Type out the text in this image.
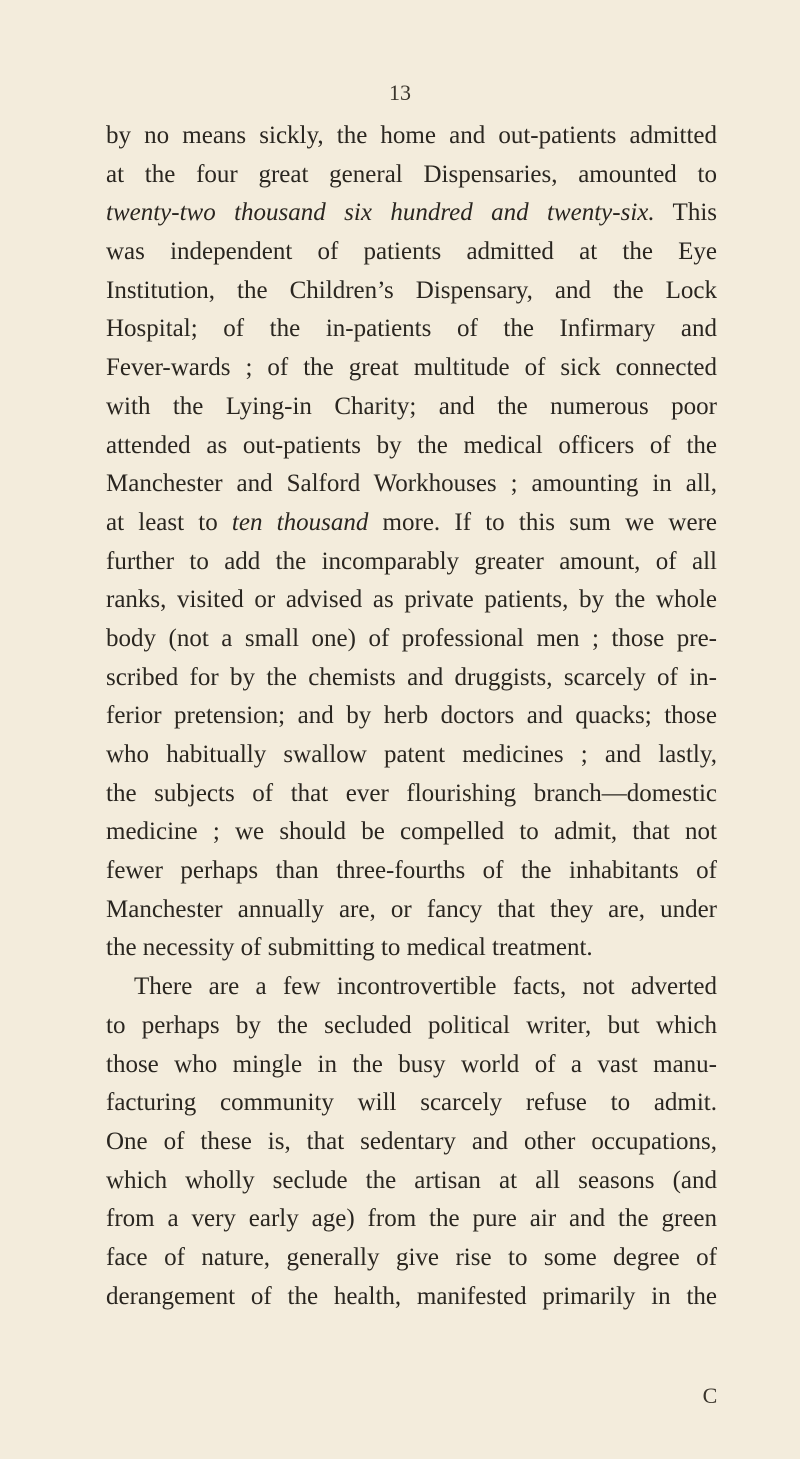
13
by no means sickly, the home and out-patients admitted
at the four great general Dispensaries, amounted to
twenty-two thousand six hundred and twenty-six. This
was independent of patients admitted at the Eye
Institution, the Children’s Dispensary, and the Lock
Hospital; of the in-patients of the Infirmary and
Fever-wards ; of the great multitude of sick connected
with the Lying-in Charity; and the numerous poor
attended as out-patients by the medical officers of the
Manchester and Salford Workhouses ; amounting in all,
at least to ten thousand more. If to this sum we were
further to add the incomparably greater amount, of all
ranks, visited or advised as private patients, by the whole
body (not a small one) of professional men ; those pre-
scribed for by the chemists and druggists, scarcely of in-
ferior pretension; and by herb doctors and quacks; those
who habitually swallow patent medicines ; and lastly,
the subjects of that ever flourishing branch—domestic
medicine ; we should be compelled to admit, that not
fewer perhaps than three-fourths of the inhabitants of
Manchester annually are, or fancy that they are, under
the necessity of submitting to medical treatment.
There are a few incontrovertible facts, not adverted
to perhaps by the secluded political writer, but which
those who mingle in the busy world of a vast manu-
facturing community will scarcely refuse to admit.
One of these is, that sedentary and other occupations,
which wholly seclude the artisan at all seasons (and
from a very early age) from the pure air and the green
face of nature, generally give rise to some degree of
derangement of the health, manifested primarily in the
C
